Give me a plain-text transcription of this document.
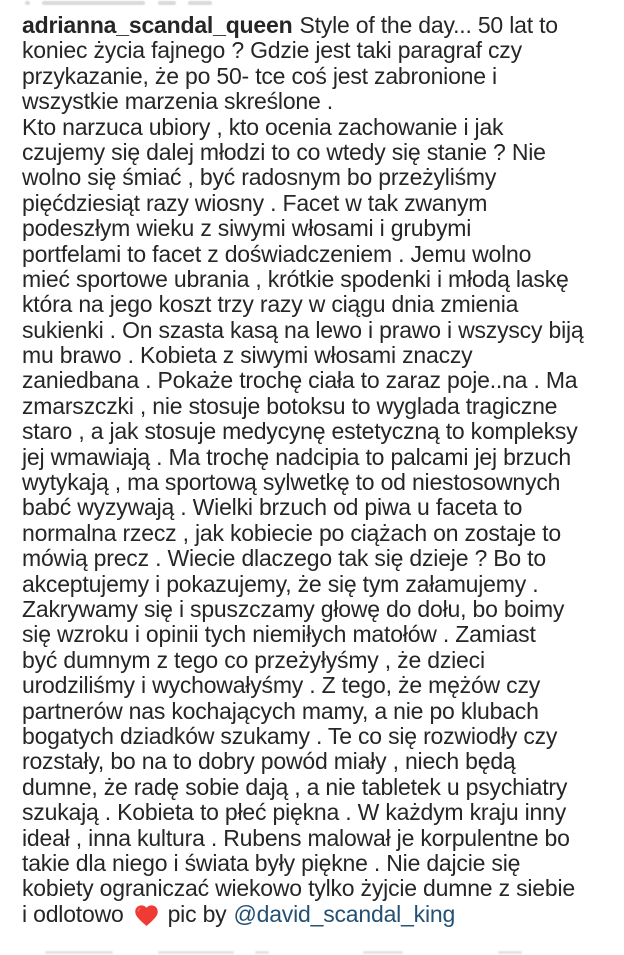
adrianna_scandal_queen Style of the day... 50 lat to
koniec życia fajnego ? Gdzie jest taki paragraf czy
przykazanie, że po 50- tce coś jest zabronione i
wszystkie marzenia skreślone .
Kto narzuca ubiory , kto ocenia zachowanie i jak
czujemy się dalej młodzi to co wtedy się stanie ? Nie
wolno się śmiać , być radosnym bo przeżyliśmy
pięćdziesiąt razy wiosny . Facet w tak zwanym
podeszłym wieku z siwymi włosami i grubymi
portfelami to facet z doświadczeniem . Jemu wolno
mieć sportowe ubrania , krótkie spodenki i młodą laskę
która na jego koszt trzy razy w ciągu dnia zmienia
sukienki . On szasta kasą na lewo i prawo i wszyscy biją
mu brawo . Kobieta z siwymi włosami znaczy
zaniedbana . Pokaże trochę ciała to zaraz poje..na . Ma
zmarszczki , nie stosuje botoksu to wyglada tragiczne
staro , a jak stosuje medycynę estetyczną to kompleksy
jej wmawiają . Ma trochę nadcipia to palcami jej brzuch
wytykają , ma sportową sylwetkę to od niestosownych
babć wyzywają . Wielki brzuch od piwa u faceta to
normalna rzecz , jak kobiecie po ciążach on zostaje to
mówią precz . Wiecie dlaczego tak się dzieje ? Bo to
akceptujemy i pokazujemy, że się tym załamujemy .
Zakrywamy się i spuszczamy głowę do dołu, bo boimy
się wzroku i opinii tych niemiłych matołów . Zamiast
być dumnym z tego co przeżyłyśmy , że dzieci
urodziliśmy i wychowałyśmy . Z tego, że mężów czy
partnerów nas kochających mamy, a nie po klubach
bogatych dziadków szukamy . Te co się rozwiodły czy
rozstały, bo na to dobry powód miały , niech będą
dumne, że radę sobie dają , a nie tabletek u psychiatry
szukają . Kobieta to płeć piękna . W każdym kraju inny
ideał , inna kultura . Rubens malował je korpulentne bo
takie dla niego i świata były piękne . Nie dajcie się
kobiety ograniczać wiekowo tylko żyjcie dumne z siebie
i odlotowo pic by @david_scandal_king
